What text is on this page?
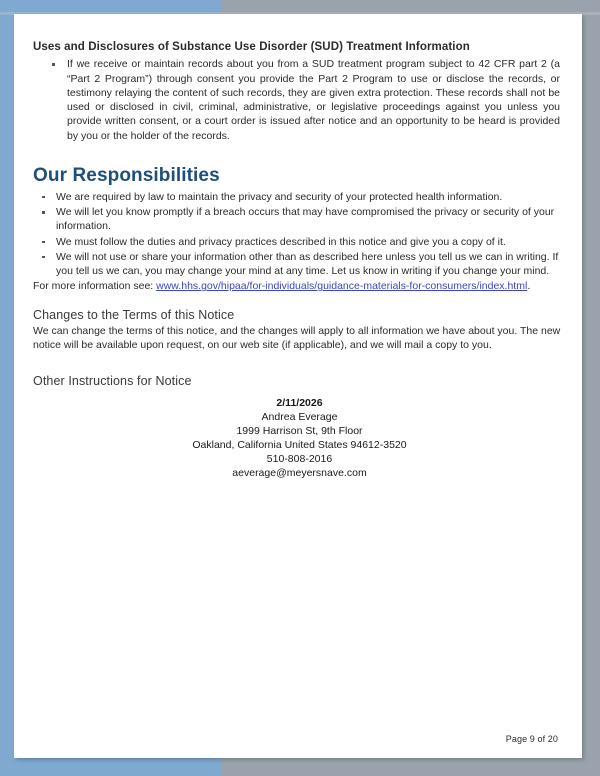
Uses and Disclosures of Substance Use Disorder (SUD) Treatment Information
If we receive or maintain records about you from a SUD treatment program subject to 42 CFR part 2 (a “Part 2 Program”) through consent you provide the Part 2 Program to use or disclose the records, or testimony relaying the content of such records, they are given extra protection. These records shall not be used or disclosed in civil, criminal, administrative, or legislative proceedings against you unless you provide written consent, or a court order is issued after notice and an opportunity to be heard is provided by you or the holder of the records.
Our Responsibilities
We are required by law to maintain the privacy and security of your protected health information.
We will let you know promptly if a breach occurs that may have compromised the privacy or security of your information.
We must follow the duties and privacy practices described in this notice and give you a copy of it.
We will not use or share your information other than as described here unless you tell us we can in writing. If you tell us we can, you may change your mind at any time. Let us know in writing if you change your mind.

For more information see: www.hhs.gov/hipaa/for-individuals/guidance-materials-for-consumers/index.html.

Changes to the Terms of this Notice

We can change the terms of this notice, and the changes will apply to all information we have about you. The new notice will be available upon request, on our web site (if applicable), and we will mail a copy to you.

Other Instructions for Notice
2/11/2026
Andrea Everage
1999 Harrison St, 9th Floor
Oakland, California United States 94612-3520
510-808-2016
aeverage@meyersnave.com
Page 9 of 20
